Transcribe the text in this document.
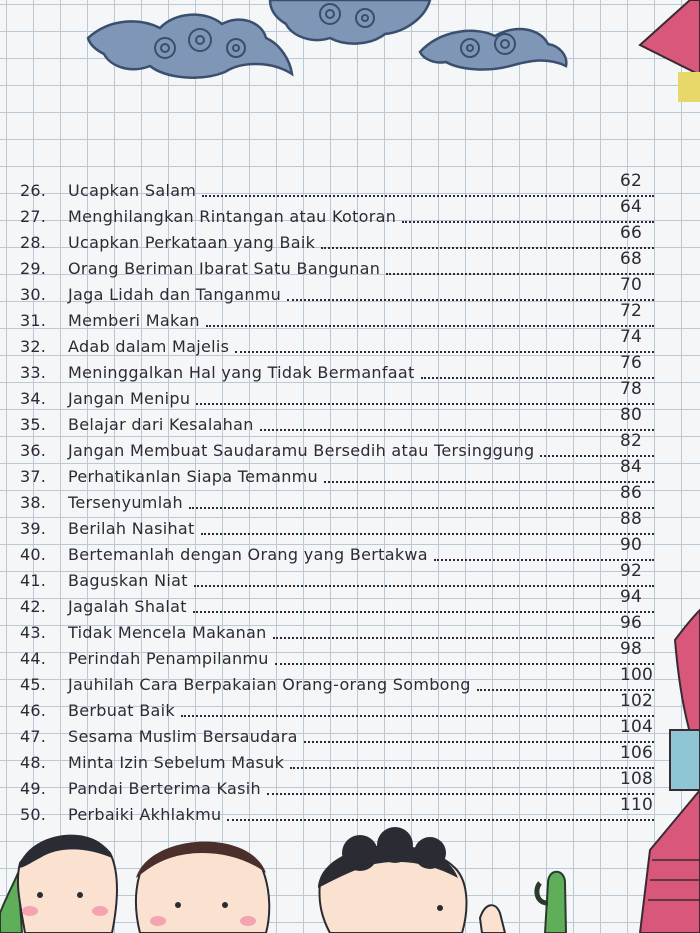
26.	Ucapkan Salam	62
27.	Menghilangkan Rintangan atau Kotoran	64
28.	Ucapkan Perkataan yang Baik	66
29.	Orang Beriman Ibarat Satu Bangunan	68
30.	Jaga Lidah dan Tanganmu	70
31.	Memberi Makan	72
32.	Adab dalam Majelis	74
33.	Meninggalkan Hal yang Tidak Bermanfaat	76
34.	Jangan Menipu	78
35.	Belajar dari Kesalahan	80
36.	Jangan Membuat Saudaramu Bersedih atau Tersinggung	82
37.	Perhatikanlan Siapa Temanmu	84
38.	Tersenyumlah	86
39.	Berilah Nasihat	88
40.	Bertemanlah dengan Orang yang Bertakwa	90
41.	Baguskan Niat	92
42.	Jagalah Shalat	94
43.	Tidak Mencela Makanan	96
44.	Perindah Penampilanmu	98
45.	Jauhilah Cara Berpakaian Orang-orang Sombong	100
46.	Berbuat Baik	102
47.	Sesama Muslim Bersaudara	104
48.	Minta Izin Sebelum Masuk	106
49.	Pandai Berterima Kasih	108
50.	Perbaiki Akhlakmu	110
